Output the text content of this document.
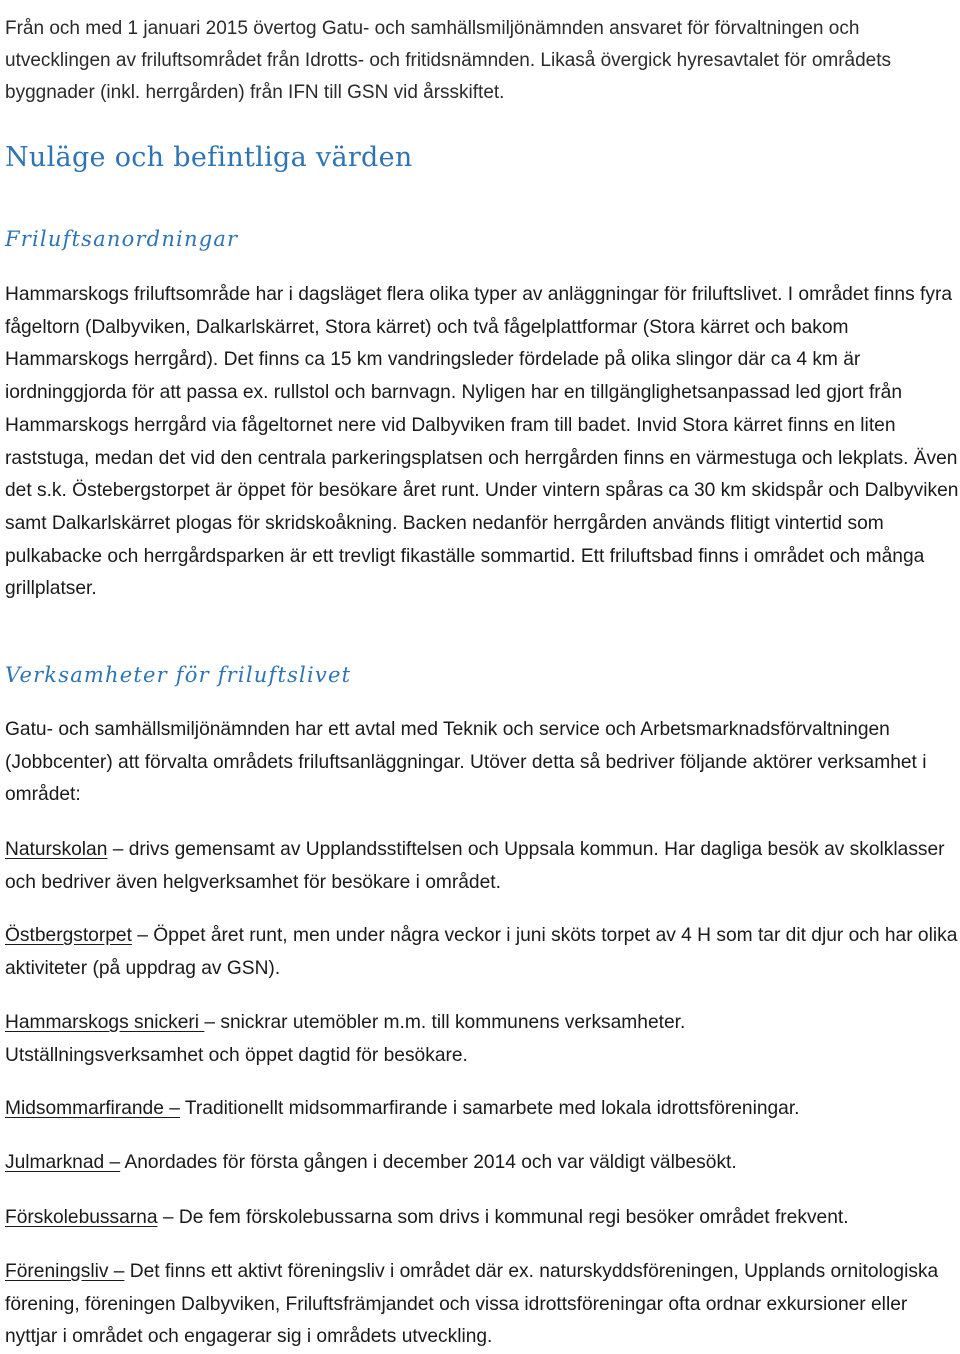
Från och med 1 januari 2015 övertog Gatu- och samhällsmiljönämnden ansvaret för förvaltningen och utvecklingen av friluftsområdet från Idrotts- och fritidsnämnden. Likaså övergick hyresavtalet för områdets byggnader (inkl. herrgården) från IFN till GSN vid årsskiftet.

Nuläge och befintliga värden
Friluftsanordningar

Hammarskogs friluftsområde har i dagsläget flera olika typer av anläggningar för friluftslivet. I området finns fyra fågeltorn (Dalbyviken, Dalkarlskärret, Stora kärret) och två fågelplattformar (Stora kärret och bakom Hammarskogs herrgård). Det finns ca 15 km vandringsleder fördelade på olika slingor där ca 4 km är iordninggjorda för att passa ex. rullstol och barnvagn. Nyligen har en tillgänglighetsanpassad led gjort från Hammarskogs herrgård via fågeltornet nere vid Dalbyviken fram till badet. Invid Stora kärret finns en liten raststuga, medan det vid den centrala parkeringsplatsen och herrgården finns en värmestuga och lekplats. Även det s.k. Östebergstorpet är öppet för besökare året runt. Under vintern spåras ca 30 km skidspår och Dalbyviken samt Dalkarlskärret plogas för skridskoåkning. Backen nedanför herrgården används flitigt vintertid som pulkabacke och herrgårdsparken är ett trevligt fikaställe sommartid. Ett friluftsbad finns i området och många grillplatser.

Verksamheter för friluftslivet

Gatu- och samhällsmiljönämnden har ett avtal med Teknik och service och Arbetsmarknadsförvaltningen (Jobbcenter) att förvalta områdets friluftsanläggningar. Utöver detta så bedriver följande aktörer verksamhet i området:

Naturskolan – drivs gemensamt av Upplandsstiftelsen och Uppsala kommun. Har dagliga besök av skolklasser och bedriver även helgverksamhet för besökare i området.

Östbergstorpet – Öppet året runt, men under några veckor i juni sköts torpet av 4 H som tar dit djur och har olika aktiviteter (på uppdrag av GSN).

Hammarskogs snickeri – snickrar utemöbler m.m. till kommunens verksamheter. Utställningsverksamhet och öppet dagtid för besökare.

Midsommarfirande – Traditionellt midsommarfirande i samarbete med lokala idrottsföreningar.

Julmarknad – Anordades för första gången i december 2014 och var väldigt välbesökt.

Förskolebussarna – De fem förskolebussarna som drivs i kommunal regi besöker området frekvent.

Föreningsliv – Det finns ett aktivt föreningsliv i området där ex. naturskyddsföreningen, Upplands ornitologiska förening, föreningen Dalbyviken, Friluftsfrämjandet och vissa idrottsföreningar ofta ordnar exkursioner eller nyttjar i området och engagerar sig i områdets utveckling.
